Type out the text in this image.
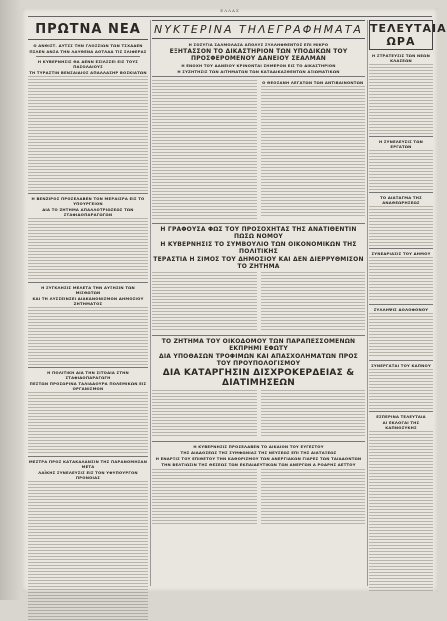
ΕΛΛΑΣ
ΠΡΩΤΝΑ ΝΕΑ
Ο ΑΝΘΙΣΤ. ΔΥΤΣΣ ΤΗΝ ΓΛΟΣΣΙΩΝ ΤΩΝ ΤΣΧΑΔΕΝ
ΠΣΛΕΝ ΑΝΣΑ ΤΗΝ ΛΑΥΘΕΝΑ ΑΟΤΛΑΑ ΤΙΣ ΣΛΙΦΕΡΑΣ
Η ΚΥΒΕΡΝΗΣΙΣ ΘΑ ΔΕΝΝ ΕΣΙΛΣΣΕΙ ΕΙΣ ΤΟΥΣ ΠΑΣΟΛΑΙΟΥΣ
ΤΗ ΤΥΡΑΣΤΙΝ ΒΕΝΣΑΙΔΙΟΣ ΑΠΑΛΛΑΣΗΡ ΒΟΣΚΙΑΤΩΝ
Η ΒΕΝΖΙΡΟΣ ΠΡΟΣΕΛΑΒΕΝ ΤΟΝ ΜΕΡΑΙΣΡΑ ΕΙΣ ΤΟ ΥΠΟΥΡΓΕΙΟΝ
ΔΙΑ ΤΟ ΖΗΤΗΜΑ ΑΠΑΛΛΟΤΡΙΩΣΕΩΣ ΤΩΝ ΣΤΑΦΙΔΟΠΑΡΑΓΩΓΩΝ
Η ΣΥΓΚΛΗΣΙΣ ΜΕΛΕΤΑ ΤΗΝ ΑΥΞΗΣΙΝ ΤΩΝ ΜΙΣΘΩΤΩΝ
ΚΑΙ ΤΗ ΛΥΣΣΕΙΝΣΕΙ ΔΙΑΚΑΝΟΝΙΣΜΟΝ ΔΗΜΟΣΙΟΥ ΖΗΤΗΜΑΤΟΣ
Η ΠΟΛΙΤΙΚΗ ΔΙΑ ΤΗΝ ΣΙΤΟΔΙΑ ΣΤΗΝ ΣΤΑΦΙΔΟΠΑΡΑΓΩΓΗ
ΠΕΣΤΩΝ ΠΡΟΣΩΡΙΝΑ ΤΑΛΙΑΔΟΥΡΑ ΠΟΛΕΜΙΚΩΝ ΕΙΣ ΟΡΓΑΝΙΣΜΟΝ
ΜΕΣΤΡΑ ΠΡΟΣ ΚΑΤΑΚΑΛΑΝΣΙΝ ΤΗΣ ΠΑΡΑΝΟΜΗΣΑΝ ΜΕΤΑ
ΛΑΪΚΗΣ ΣΥΝΕΛΕΥΣΙΣ ΕΙΣ ΤΟΝ ΥΦΥΠΟΥΡΓΟΝ ΠΡΟΝΟΙΑΣ
ΝΥΚΤΕΡΙΝΑ ΤΗΛΕΓΡΑΦΗΜΑΤΑ
Η ΣΟΣΥΓΙΑ ΣΑΛΜΟΛΑΣΑ ΑΠΟΛΥΣ ΣΥΛΛΗΦΘΕΝΤΟΣ ΕΠΙ ΜΙΚΡΟ
ΕΞΗΤΑΣΣΟΝ ΤΟ ΔΙΚΑΣΤΗΡΙΟΝ ΤΩΝ ΥΠΟΔΙΚΩΝ ΤΟΥ ΠΡΟΣΦΕΡΟΜΕΝΟΥ ΔΑΝΕΙΟΥ ΣΕΑΛΜΑΝ
Η ΕΝΟΧΗ ΤΟΥ ΔΑΝΕΙΟΥ ΚΡΙΝΟΝΤΑΙ ΣΗΜΕΡΟΝ ΕΙΣ ΤΟ ΔΙΚΑΣΤΗΡΙΟΝ
Η ΣΥΖΗΤΗΣΙΣ ΤΩΝ ΑΙΤΗΜΑΤΩΝ ΤΩΝ ΚΑΤΑΔΙΚΑΣΘΕΝΤΩΝ ΑΞΙΩΜΑΤΙΚΩΝ
Ο ΘΕΟΣΑΝΗ ΛΕΓΑΤΩΝ ΤΩΝ ΑΝΤΙΒΑΙΝΟΝΤΩΝ
Η ΓΡΑΦΟΥΣΑ ΦΩΣ ΤΟΥ ΠΡΟΣΟΧΗΤΑΣ ΤΗΣ ΑΝΑΤΙΘΕΝΤΙΝ ΠΩΣΩ ΝΟΜΟΥ
Η ΚΥΒΕΡΝΗΣΙΣ ΤΟ ΣΥΜΒΟΥΛΙΟ ΤΩΝ ΟΙΚΟΝΟΜΙΚΩΝ ΤΗΣ ΠΟΛΙΤΙΚΗΣ
ΤΕΡΑΣΤΙΑ Η ΣΙΜΟΣ ΤΟΥ ΔΗΜΟΣΙΟΥ ΚΑΙ ΔΕΝ ΔΙΕΡΡΥΘΜΙΣΟΝ ΤΟ ΖΗΤΗΜΑ
ΤΟ ΖΗΤΗΜΑ ΤΟΥ ΟΙΚΟΔΟΜΟΥ ΤΩΝ ΠΑΡΑΠΕΣΣΟΜΕΝΩΝ ΕΚΠΡΗΜΙ ΕΦΩΤΥ
ΔΙΑ ΥΠΟΘΑΣΩΝ ΤΡΟΦΙΜΩΝ ΚΑΙ ΑΠΑΣΧΟΛΗΜΑΤΩΝ ΠΡΟΣ ΤΟΥ ΠΡΟΥΠΟΛΟΓΙΣΜΟΥ
ΔΙΑ ΚΑΤΑΡΓΗΣΙΝ ΔΙΣΧΡΟΚΕΡΔΕΙΑΣ & ΔΙΑΤΙΜΗΣΕΩΝ
Η ΚΥΒΕΡΝΗΣΙΣ ΠΡΟΣΕΛΑΒΕΝ ΤΟ ΔΙΚΑΙΟΝ ΤΟΥ ΕΥΓΕΣΤΟΥ
ΤΗΣ ΔΙΑΔΟΣΕΩΣ ΤΗΣ ΣΥΜΦΩΝΙΑΣ ΤΗΣ ΝΕΥΣΕΩΣ ΕΠΙ ΤΗΣ ΔΙΑΤΑΞΕΩΣ
Η ΕΝΑΡΞΙΣ ΤΟΥ ΕΠΙΘΕΤΟΥ ΤΗΝ ΚΑΘΟΡΙΣΜΟΥ ΤΩΝ ΑΝΕΡΓΙΑΚΩΝ ΓΙΑΡΕΣ ΤΩΝ ΤΑΙΑΔΟΝΤΩΝ
ΤΗΝ ΒΕΛΤΙΩΣΙΝ ΤΗΣ ΘΕΣΕΩΣ ΤΩΝ ΕΚΠΑΙΔΕΥΤΙΚΩΝ ΤΩΝ ΑΝΕΡΓΩΝ Α ΡΟΔΡΗΣ ΑΕΤΤΟΥ
ΤΕΛΕΥΤΑΙΑ ΩΡΑ
Η ΣΤΡΑΤΕΥΣΙΣ ΤΩΝ ΝΕΩΝ ΚΛΑΣΕΩΝ
Η ΣΥΝΕΛΕΥΣΙΣ ΤΩΝ ΕΡΓΑΤΩΝ
ΤΟ ΔΙΑΤΑΓΜΑ ΤΗΣ ΑΝΑΘΕΩΡΗΣΕΩΣ
ΣΥΝΕΔΡΙΑΣΙΣ ΤΟΥ ΔΗΜΟΥ
ΣΥΛΛΗΨΙΣ ΔΟΛΟΦΟΝΟΥ
ΣΥΝΕΡΓΑΤΑΙ ΤΟΥ ΚΑΠΝΟΥ
ΕΣΠΕΡΙΝΑ ΤΕΛΕΥΤΑΙΑ
ΑΙ ΕΚΛΟΓΑΙ ΤΗΣ ΚΑΠΝΟΣΥΚΗΣ
